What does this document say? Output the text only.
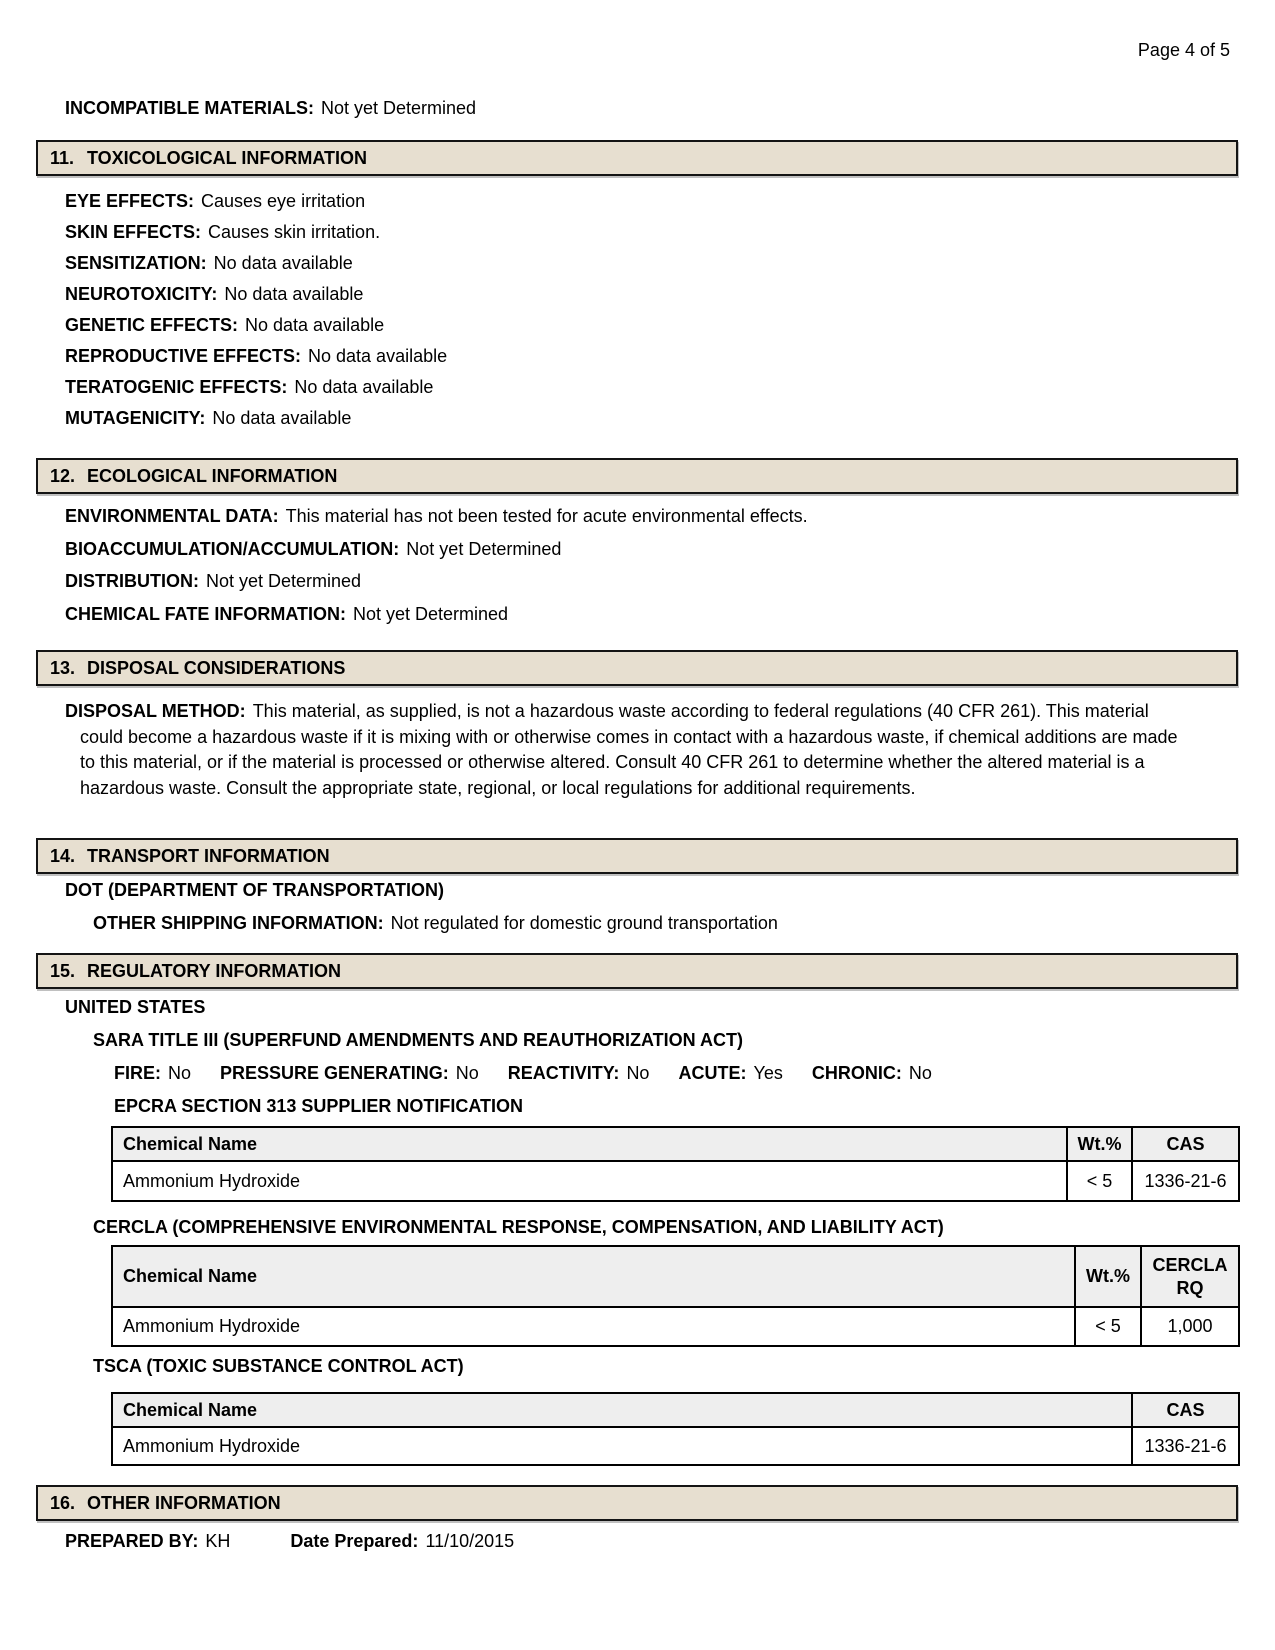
Page 4 of 5
INCOMPATIBLE MATERIALS: Not yet Determined
11. TOXICOLOGICAL INFORMATION
EYE EFFECTS: Causes eye irritation
SKIN EFFECTS: Causes skin irritation.
SENSITIZATION: No data available
NEUROTOXICITY: No data available
GENETIC EFFECTS: No data available
REPRODUCTIVE EFFECTS: No data available
TERATOGENIC EFFECTS: No data available
MUTAGENICITY: No data available
12. ECOLOGICAL INFORMATION
ENVIRONMENTAL DATA: This material has not been tested for acute environmental effects.
BIOACCUMULATION/ACCUMULATION: Not yet Determined
DISTRIBUTION: Not yet Determined
CHEMICAL FATE INFORMATION: Not yet Determined
13. DISPOSAL CONSIDERATIONS
DISPOSAL METHOD: This material, as supplied, is not a hazardous waste according to federal regulations (40 CFR 261). This material could become a hazardous waste if it is mixing with or otherwise comes in contact with a hazardous waste, if chemical additions are made to this material, or if the material is processed or otherwise altered. Consult 40 CFR 261 to determine whether the altered material is a hazardous waste. Consult the appropriate state, regional, or local regulations for additional requirements.
14. TRANSPORT INFORMATION
DOT (DEPARTMENT OF TRANSPORTATION)
OTHER SHIPPING INFORMATION: Not regulated for domestic ground transportation
15. REGULATORY INFORMATION
UNITED STATES
SARA TITLE III (SUPERFUND AMENDMENTS AND REAUTHORIZATION ACT)
FIRE: No PRESSURE GENERATING: No REACTIVITY: No ACUTE: Yes CHRONIC: No
EPCRA SECTION 313 SUPPLIER NOTIFICATION
Chemical Name	Wt.%	CAS
Ammonium Hydroxide	< 5	1336-21-6
CERCLA (COMPREHENSIVE ENVIRONMENTAL RESPONSE, COMPENSATION, AND LIABILITY ACT)
Chemical Name	Wt.%	CERCLA RQ
Ammonium Hydroxide	< 5	1,000
TSCA (TOXIC SUBSTANCE CONTROL ACT)
Chemical Name	CAS
Ammonium Hydroxide	1336-21-6
16. OTHER INFORMATION
PREPARED BY: KH	Date Prepared: 11/10/2015
